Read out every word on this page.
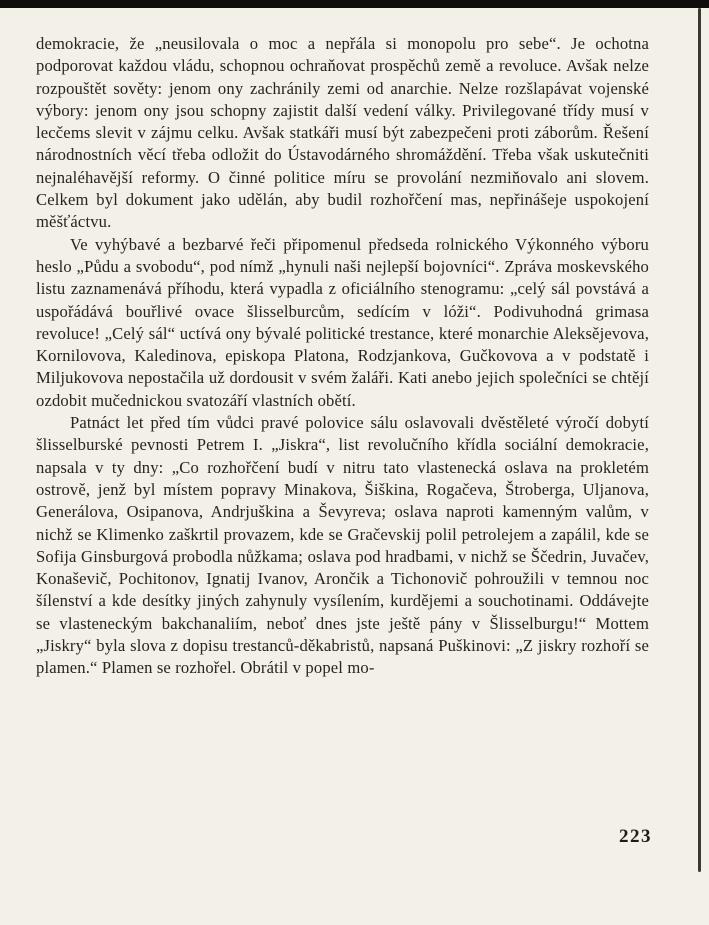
demokracie, že „neusilovala o moc a nepřála si monopolu pro sebe“. Je ochotna podporovat každou vládu, schopnou ochraňovat prospěchů země a revoluce. Avšak nelze rozpouštět sověty: jenom ony zachránily zemi od anarchie. Nelze rozšlapávat vojenské výbory: jenom ony jsou schopny zajistit další vedení války. Privilegované třídy musí v lecčems slevit v zájmu celku. Avšak statkáři musí být zabezpečeni proti záborům. Řešení národnostních věcí třeba odložit do Ústavodárného shromáždění. Třeba však uskutečniti nejnaléhavější reformy. O činné politice míru se provolání nezmiňovalo ani slovem. Celkem byl dokument jako udělán, aby budil rozhořčení mas, nepřinášeje uspokojení měšťáctvu.

Ve vyhýbavé a bezbarvé řeči připomenul předseda rolnického Výkonného výboru heslo „Půdu a svobodu“, pod nímž „hynuli naši nejlepší bojovníci“. Zpráva moskevského listu zaznamenává příhodu, která vypadla z oficiálního stenogramu: „celý sál povstává a uspořádává bouřlivé ovace šlisselburcům, sedícím v lóži“. Podivuhodná grimasa revoluce! „Celý sál“ uctívá ony bývalé politické trestance, které monarchie Aleksějevova, Kornilovova, Kaledinova, episkopa Platona, Rodzjankova, Gučkovova a v podstatě i Miljukovova nepostačila už dordousit v svém žaláři. Kati anebo jejich společníci se chtějí ozdobit mučednickou svatozáří vlastních obětí.

Patnáct let před tím vůdci pravé polovice sálu oslavovali dvěstěleté výročí dobytí šlisselburské pevnosti Petrem I. „Jiskra“, list revolučního křídla sociální demokracie, napsala v ty dny: „Co rozhořčení budí v nitru tato vlastenecká oslava na prokletém ostrově, jenž byl místem popravy Minakova, Šiškina, Rogačeva, Štroberga, Uljanova, Generálova, Osipanova, Andrjuškina a Ševyreva; oslava naproti kamenným valům, v nichž se Klimenko zaškrtil provazem, kde se Gračevskij polil petrolejem a zapálil, kde se Sofija Ginsburgová probodla nůžkama; oslava pod hradbami, v nichž se Ščedrin, Juvačev, Konaševič, Pochitonov, Ignatij Ivanov, Arončik a Tichonovič pohroužili v temnou noc šílenství a kde desítky jiných zahynuly vysílením, kurdějemi a souchotinami. Oddávejte se vlasteneckým bakchanaliím, neboť dnes jste ještě pány v Šlisselburgu!“ Mottem „Jiskry“ byla slova z dopisu trestanců-děkabristů, napsaná Puškinovi: „Z jiskry rozhoří se plamen.“ Plamen se rozhořel. Obrátil v popel mo-

223
